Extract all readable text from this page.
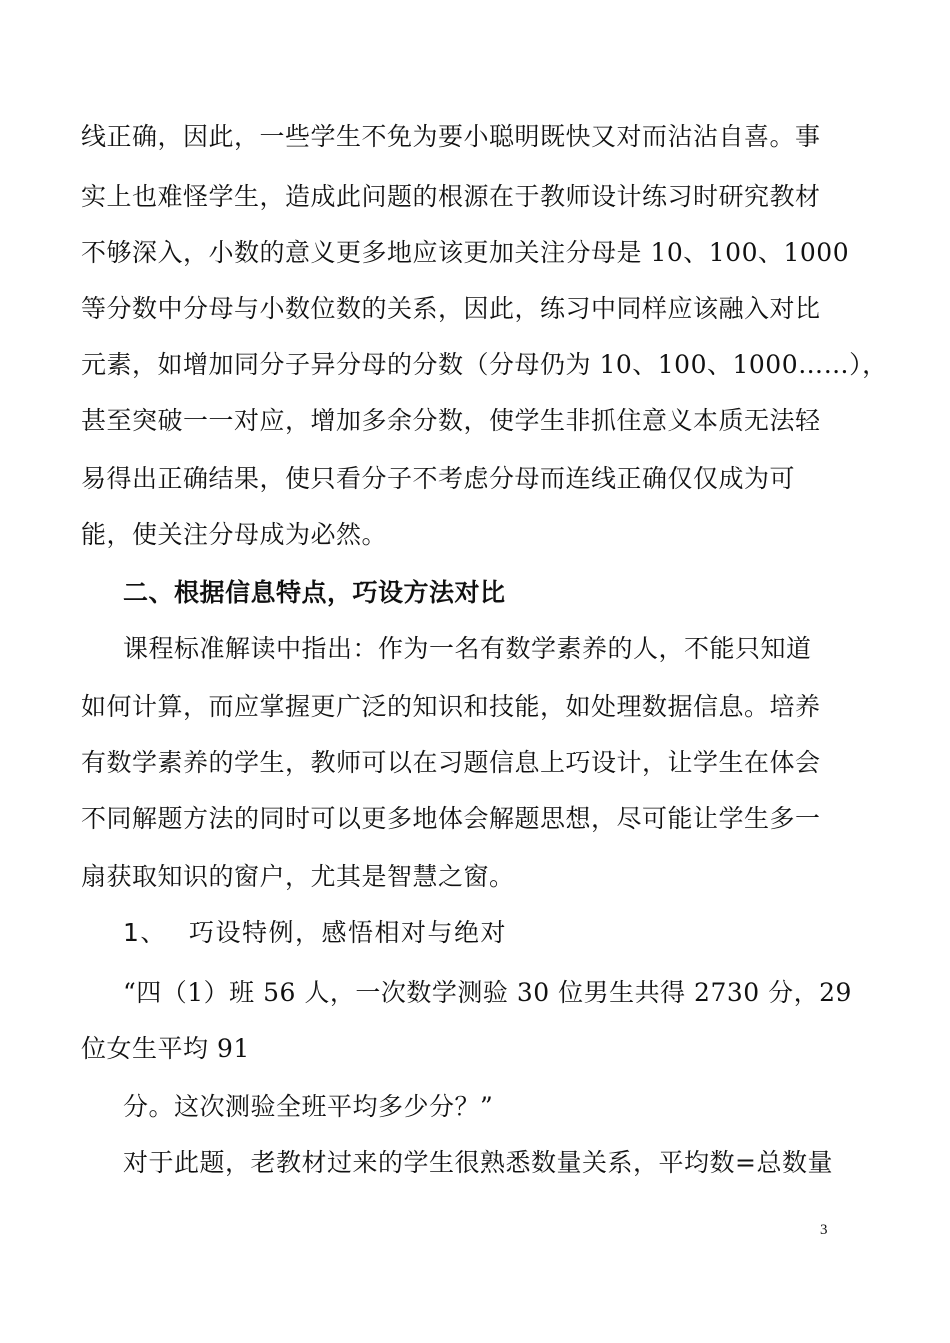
线正确，因此，一些学生不免为要小聪明既快又对而沾沾自喜。事
实上也难怪学生，造成此问题的根源在于教师设计练习时研究教材
不够深入，小数的意义更多地应该更加关注分母是 10、100、1000
等分数中分母与小数位数的关系，因此，练习中同样应该融入对比
元素，如增加同分子异分母的分数（分母仍为 10、100、1000……），
甚至突破一一对应，增加多余分数，使学生非抓住意义本质无法轻
易得出正确结果，使只看分子不考虑分母而连线正确仅仅成为可
能，使关注分母成为必然。
二、根据信息特点，巧设方法对比
课程标准解读中指出：作为一名有数学素养的人，不能只知道
如何计算，而应掌握更广泛的知识和技能，如处理数据信息。培养
有数学素养的学生，教师可以在习题信息上巧设计，让学生在体会
不同解题方法的同时可以更多地体会解题思想，尽可能让学生多一
扇获取知识的窗户，尤其是智慧之窗。
1、 巧设特例，感悟相对与绝对
“四（1）班 56 人，一次数学测验 30 位男生共得 2730 分，29
位女生平均 91
分。这次测验全班平均多少分？”
对于此题，老教材过来的学生很熟悉数量关系，平均数=总数量
3
